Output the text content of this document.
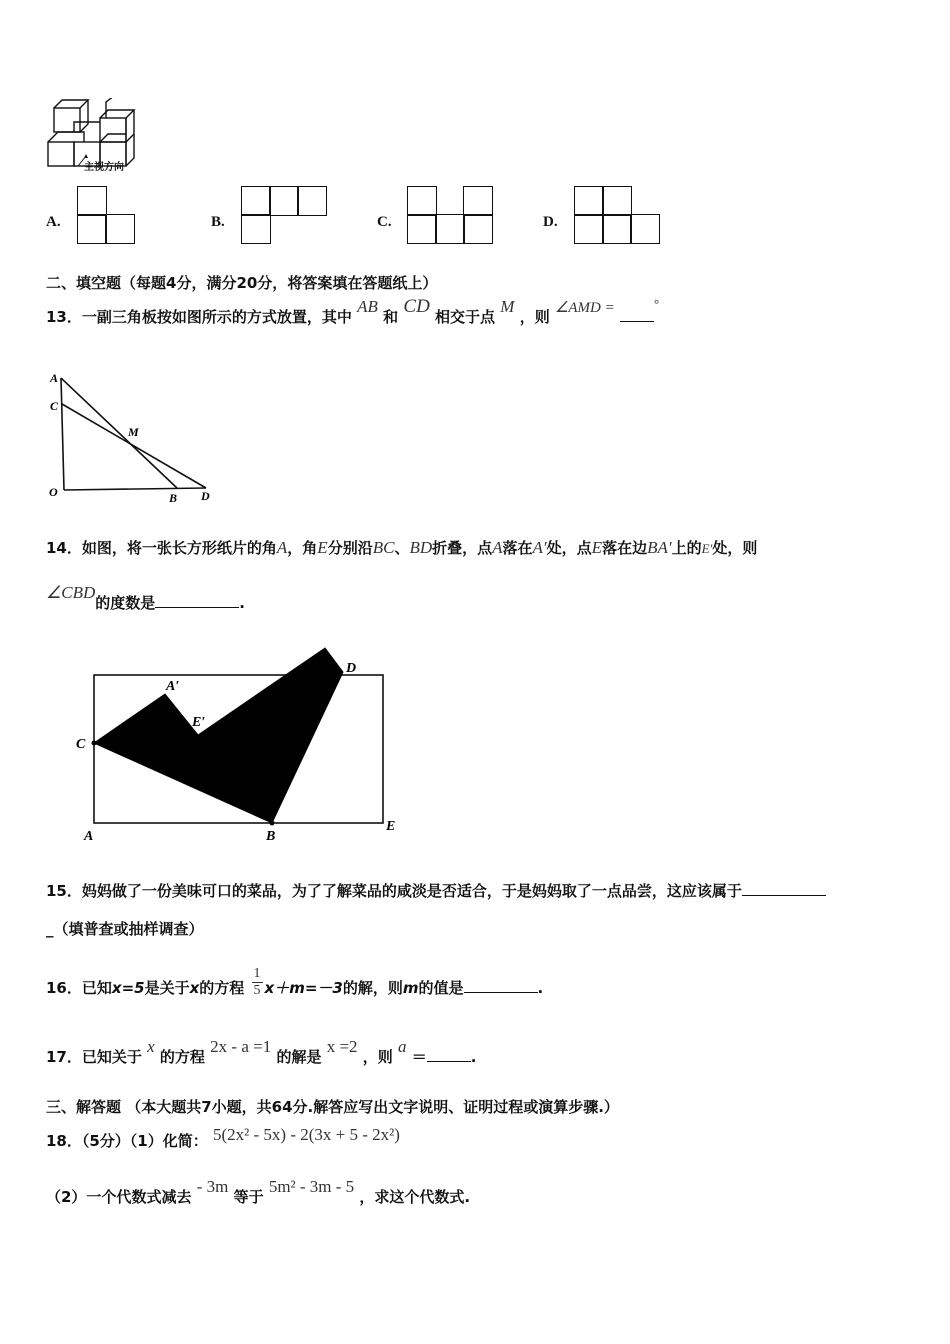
主视方向
A.	B.	C.	D.
二、填空题（每题4分，满分20分，将答案填在答题纸上）
13．一副三角板按如图所示的方式放置，其中 AB 和 CD 相交于点 M ，则 ∠AMD =	°
A
C
M
O	B D
14．如图，将一张长方形纸片的角A，角E分别沿BC、BD折叠，点A落在A′处，点E落在边BA′上的E′处，则
∠CBD的度数是	.
A′
E′
C
D
A	B
E
15．妈妈做了一份美味可口的菜品，为了了解菜品的咸淡是否适合，于是妈妈取了一点品尝，这应该属于
_（填普查或抽样调查）
16．已知x=5是关于x的方程 $\frac{1}{5} x+m=-3$的解，则m的值是	.
17．已知关于 x 的方程 2x - a =1 的解是 x =2 ，则 a ＝	.
三、解答题 （本大题共7小题，共64分.解答应写出文字说明、证明过程或演算步骤.）
18．（5分）（1）化简： 5(2x² - 5x) - 2(3x + 5 - 2x²)
（2）一个代数式减去 - 3m 等于 5m² - 3m - 5 ，求这个代数式.
